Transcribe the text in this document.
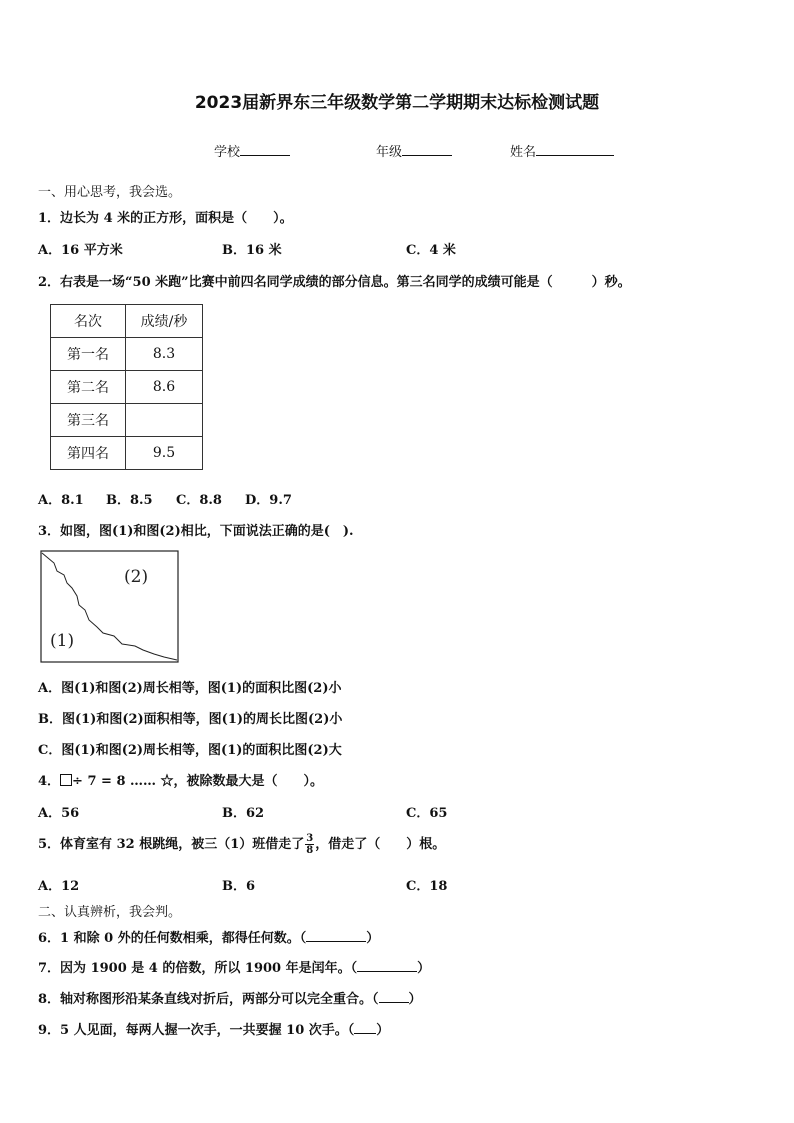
2023届新界东三年级数学第二学期期末达标检测试题
学校	年级	姓名
一、用心思考，我会选。
1．边长为 4 米的正方形，面积是（　　）。
A．16 平方米	B．16 米	C．4 米
2．右表是一场“50 米跑”比赛中前四名同学成绩的部分信息。第三名同学的成绩可能是（　　　）秒。
名次	成绩/秒
第一名	8.3
第二名	8.6
第三名	
第四名	9.5
A．8.1 B．8.5 C．8.8 D．9.7
3．如图，图(1)和图(2)相比，下面说法正确的是(　).
(2)
(1)
A．图(1)和图(2)周长相等，图(1)的面积比图(2)小
B．图(1)和图(2)面积相等，图(1)的周长比图(2)小
C．图(1)和图(2)周长相等，图(1)的面积比图(2)大
4． ÷ 7 = 8 …… ☆，被除数最大是（　　）。
A．56	B．62	C．65
5．体育室有 32 根跳绳，被三（1）班借走了 $\frac{3}{8}$ ，借走了（　　）根。
A．12	B．6	C．18
二、认真辨析，我会判。
6．1 和除 0 外的任何数相乘，都得任何数。（	）
7．因为 1900 是 4 的倍数，所以 1900 年是闰年。（	）
8．轴对称图形沿某条直线对折后，两部分可以完全重合。（ ）
9．5 人见面，每两人握一次手，一共要握 10 次手。（ ）
